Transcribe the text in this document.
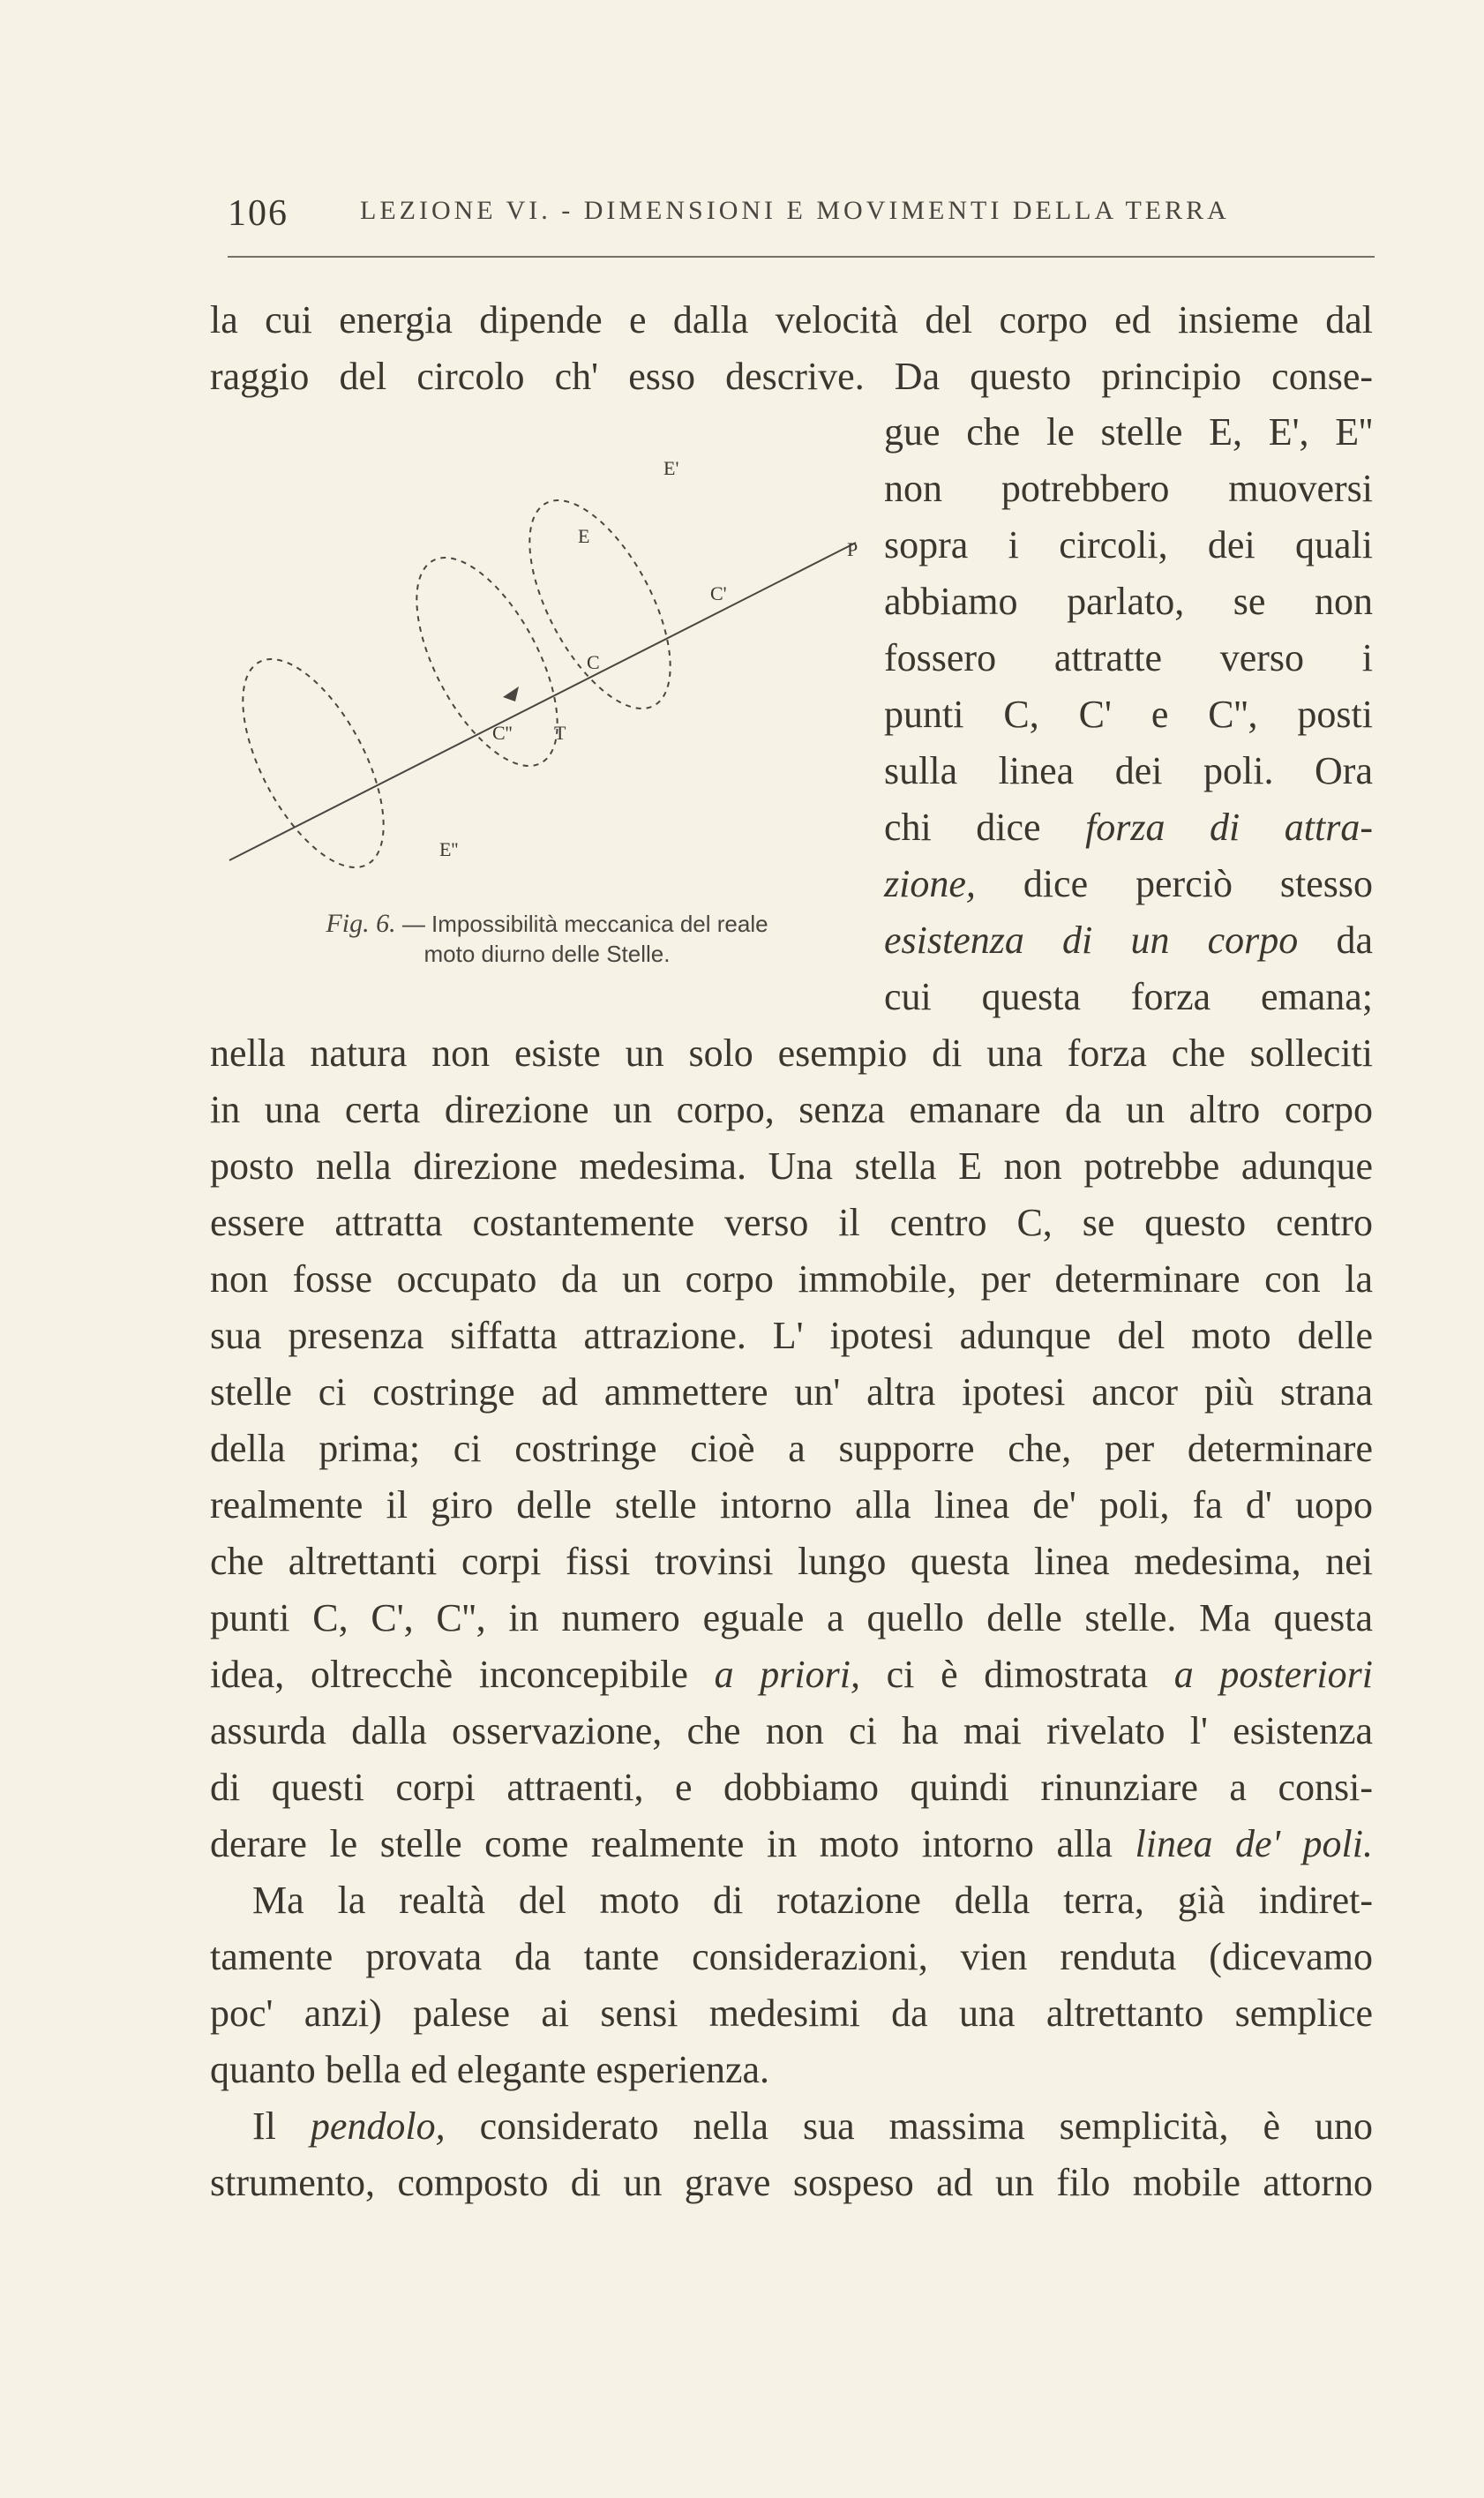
106	LEZIONE VI. - DIMENSIONI E MOVIMENTI DELLA TERRA
la cui energia dipende e dalla velocità del corpo ed insieme dal
raggio del circolo ch' esso descrive. Da questo principio conse-
gue che le stelle E, E', E''
non potrebbero muoversi
sopra i circoli, dei quali
abbiamo parlato, se non
fossero attratte verso i
punti C, C' e C'', posti
sulla linea dei poli. Ora
chi dice forza di attra-
zione, dice perciò stesso
esistenza di un corpo da
cui questa forza emana;
E'
E
P
C'
C
C'' T
E''
Fig. 6. — Impossibilità meccanica del reale moto diurno delle Stelle.
nella natura non esiste un solo esempio di una forza che solleciti
in una certa direzione un corpo, senza emanare da un altro corpo
posto nella direzione medesima. Una stella E non potrebbe adunque
essere attratta costantemente verso il centro C, se questo centro
non fosse occupato da un corpo immobile, per determinare con la
sua presenza siffatta attrazione. L' ipotesi adunque del moto delle
stelle ci costringe ad ammettere un' altra ipotesi ancor più strana
della prima; ci costringe cioè a supporre che, per determinare
realmente il giro delle stelle intorno alla linea de' poli, fa d' uopo
che altrettanti corpi fissi trovinsi lungo questa linea medesima, nei
punti C, C', C'', in numero eguale a quello delle stelle. Ma questa
idea, oltrecchè inconcepibile a priori, ci è dimostrata a posteriori
assurda dalla osservazione, che non ci ha mai rivelato l' esistenza
di questi corpi attraenti, e dobbiamo quindi rinunziare a consi-
derare le stelle come realmente in moto intorno alla linea de' poli.
Ma la realtà del moto di rotazione della terra, già indiret-
tamente provata da tante considerazioni, vien renduta (dicevamo
poc' anzi) palese ai sensi medesimi da una altrettanto semplice
quanto bella ed elegante esperienza.
Il pendolo, considerato nella sua massima semplicità, è uno
strumento, composto di un grave sospeso ad un filo mobile attorno
